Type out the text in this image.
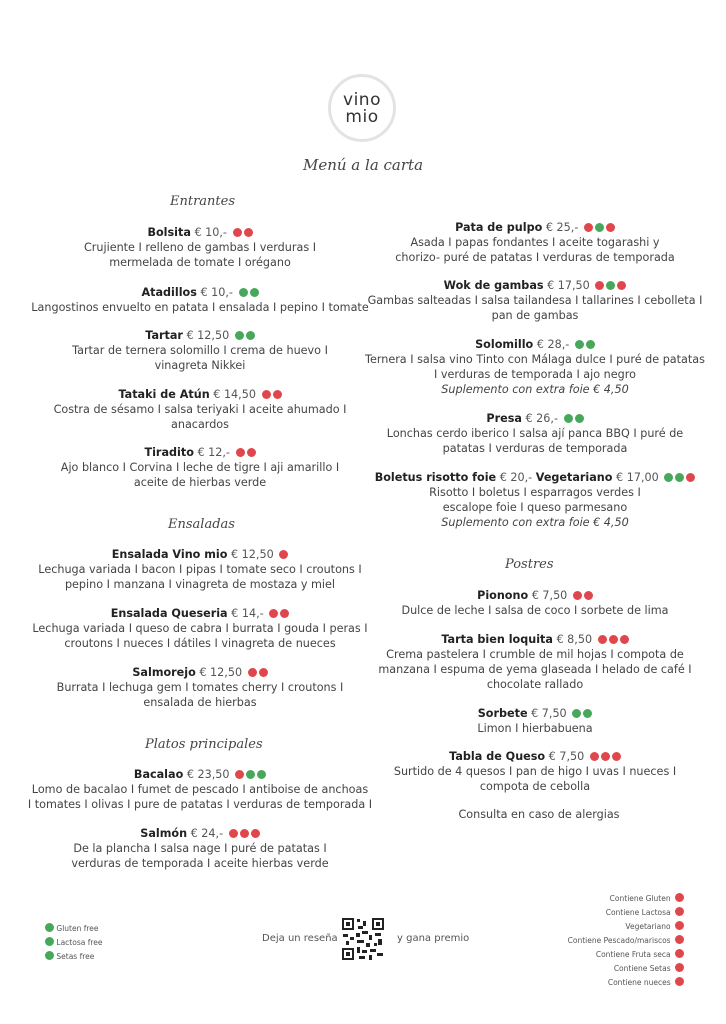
vino
mio
Menú a la carta
Entrantes
Ensaladas
Platos principales
Postres
Bolsita € 10,-
Crujiente I relleno de gambas I verduras I
mermelada de tomate I orégano
Atadillos € 10,-
Langostinos envuelto en patata I ensalada I pepino I tomate
Tartar € 12,50
Tartar de ternera solomillo I crema de huevo I
vinagreta Nikkei
Tataki de Atún € 14,50
Costra de sésamo I salsa teriyaki I aceite ahumado I
anacardos
Tiradito € 12,-
Ajo blanco I Corvina I leche de tigre I aji amarillo I
aceite de hierbas verde
Ensalada Vino mio € 12,50
Lechuga variada I bacon I pipas I tomate seco I croutons I
pepino I manzana I vinagreta de mostaza y miel
Ensalada Queseria € 14,-
Lechuga variada I queso de cabra I burrata I gouda I peras I
croutons I nueces I dátiles I vinagreta de nueces
Salmorejo € 12,50
Burrata I lechuga gem I tomates cherry I croutons I
ensalada de hierbas
Bacalao € 23,50
Lomo de bacalao I fumet de pescado I antiboise de anchoas
I tomates I olivas I pure de patatas I verduras de temporada I
Salmón € 24,-
De la plancha I salsa nage I puré de patatas I
verduras de temporada I aceite hierbas verde
Pata de pulpo € 25,-
Asada I papas fondantes I aceite togarashi y
chorizo- puré de patatas I verduras de temporada
Wok de gambas € 17,50
Gambas salteadas I salsa tailandesa I tallarines I cebolleta I
pan de gambas
Solomillo € 28,-
Ternera I salsa vino Tinto con Málaga dulce I puré de patatas
I verduras de temporada I ajo negro
Suplemento con extra foie € 4,50
Presa € 26,-
Lonchas cerdo iberico I salsa ají panca BBQ I puré de
patatas I verduras de temporada
Boletus risotto foie € 20,- Vegetariano € 17,00
Risotto I boletus I esparragos verdes I
escalope foie I queso parmesano
Suplemento con extra foie € 4,50
Piononο € 7,50
Dulce de leche I salsa de coco I sorbete de lima
Tarta bien loquita € 8,50
Crema pastelera I crumble de mil hojas I compota de
manzana I espuma de yema glaseada I helado de café I
chocolate rallado
Sorbete € 7,50
Limon I hierbabuena
Tabla de Queso € 7,50
Surtido de 4 quesos I pan de higo I uvas I nueces I
compota de cebolla
Consulta en caso de alergias
Gluten free
Lactosa free
Setas free
Deja un reseña	y gana premio
Contiene Gluten
Contiene Lactosa
Vegetariano
Contiene Pescado/mariscos
Contiene Fruta seca
Contiene Setas
Contiene nueces
